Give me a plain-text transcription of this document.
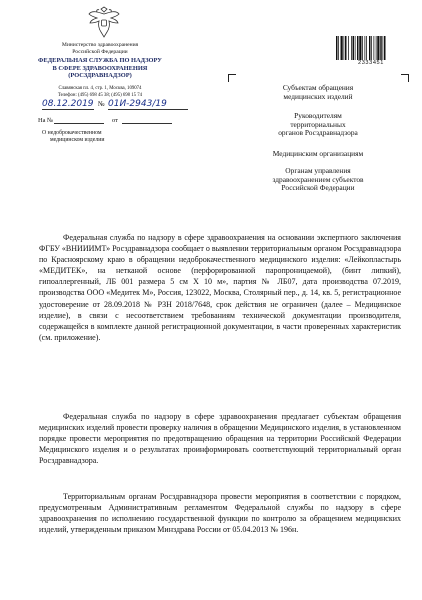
Министерство здравоохранения
Российской Федерации
ФЕДЕРАЛЬНАЯ СЛУЖБА ПО НАДЗОРУ
В СФЕРЕ ЗДРАВООХРАНЕНИЯ
(РОСЗДРАВНАДЗОР)
Славянская пл. 4, стр. 1, Москва, 109074
Телефон: (495) 698 45 38; (495) 698 15 74
08.12.2019 № 01И-2943/19
На №	от
О недоброкачественном
медицинском изделии
2333451
Субъектам обращения
медицинских изделий
Руководителям
территориальных
органов Росздравнадзора
Медицинским организациям
Органам управления
здравоохранением субъектов
Российской Федерации

Федеральная служба по надзору в сфере здравоохранения на основании экспертного заключения ФГБУ «ВНИИИМТ» Росздравнадзора сообщает о выявлении территориальным органом Росздравнадзора по Красноярскому краю в обращении недоброкачественного медицинского изделия: «Лейкопластырь «МЕДИТЕК», на нетканой основе (перфорированной паропроницаемой), (бинт липкий), гипоаллергенный, ЛБ 001 размера 5 см Х 10 м», партия № ЛБ07, дата производства 07.2019, производства ООО «Медитек М», Россия, 123022, Москва, Столярный пер., д. 14, кв. 5, регистрационное удостоверение от 28.09.2018 № РЗН 2018/7648, срок действия не ограничен (далее – Медицинское изделие), в связи с несоответствием требованиям технической документации производителя, содержащейся в комплекте данной регистрационной документации, в части проверенных характеристик (см. приложение).

Федеральная служба по надзору в сфере здравоохранения предлагает субъектам обращения медицинских изделий провести проверку наличия в обращении Медицинского изделия, в установленном порядке провести мероприятия по предотвращению обращения на территории Российской Федерации Медицинского изделия и о результатах проинформировать соответствующий территориальный орган Росздравнадзора.

Территориальным органам Росздравнадзора провести мероприятия в соответствии с порядком, предусмотренным Административным регламентом Федеральной службы по надзору в сфере здравоохранения по исполнению государственной функции по контролю за обращением медицинских изделий, утвержденным приказом Минздрава России от 05.04.2013 № 196н.
